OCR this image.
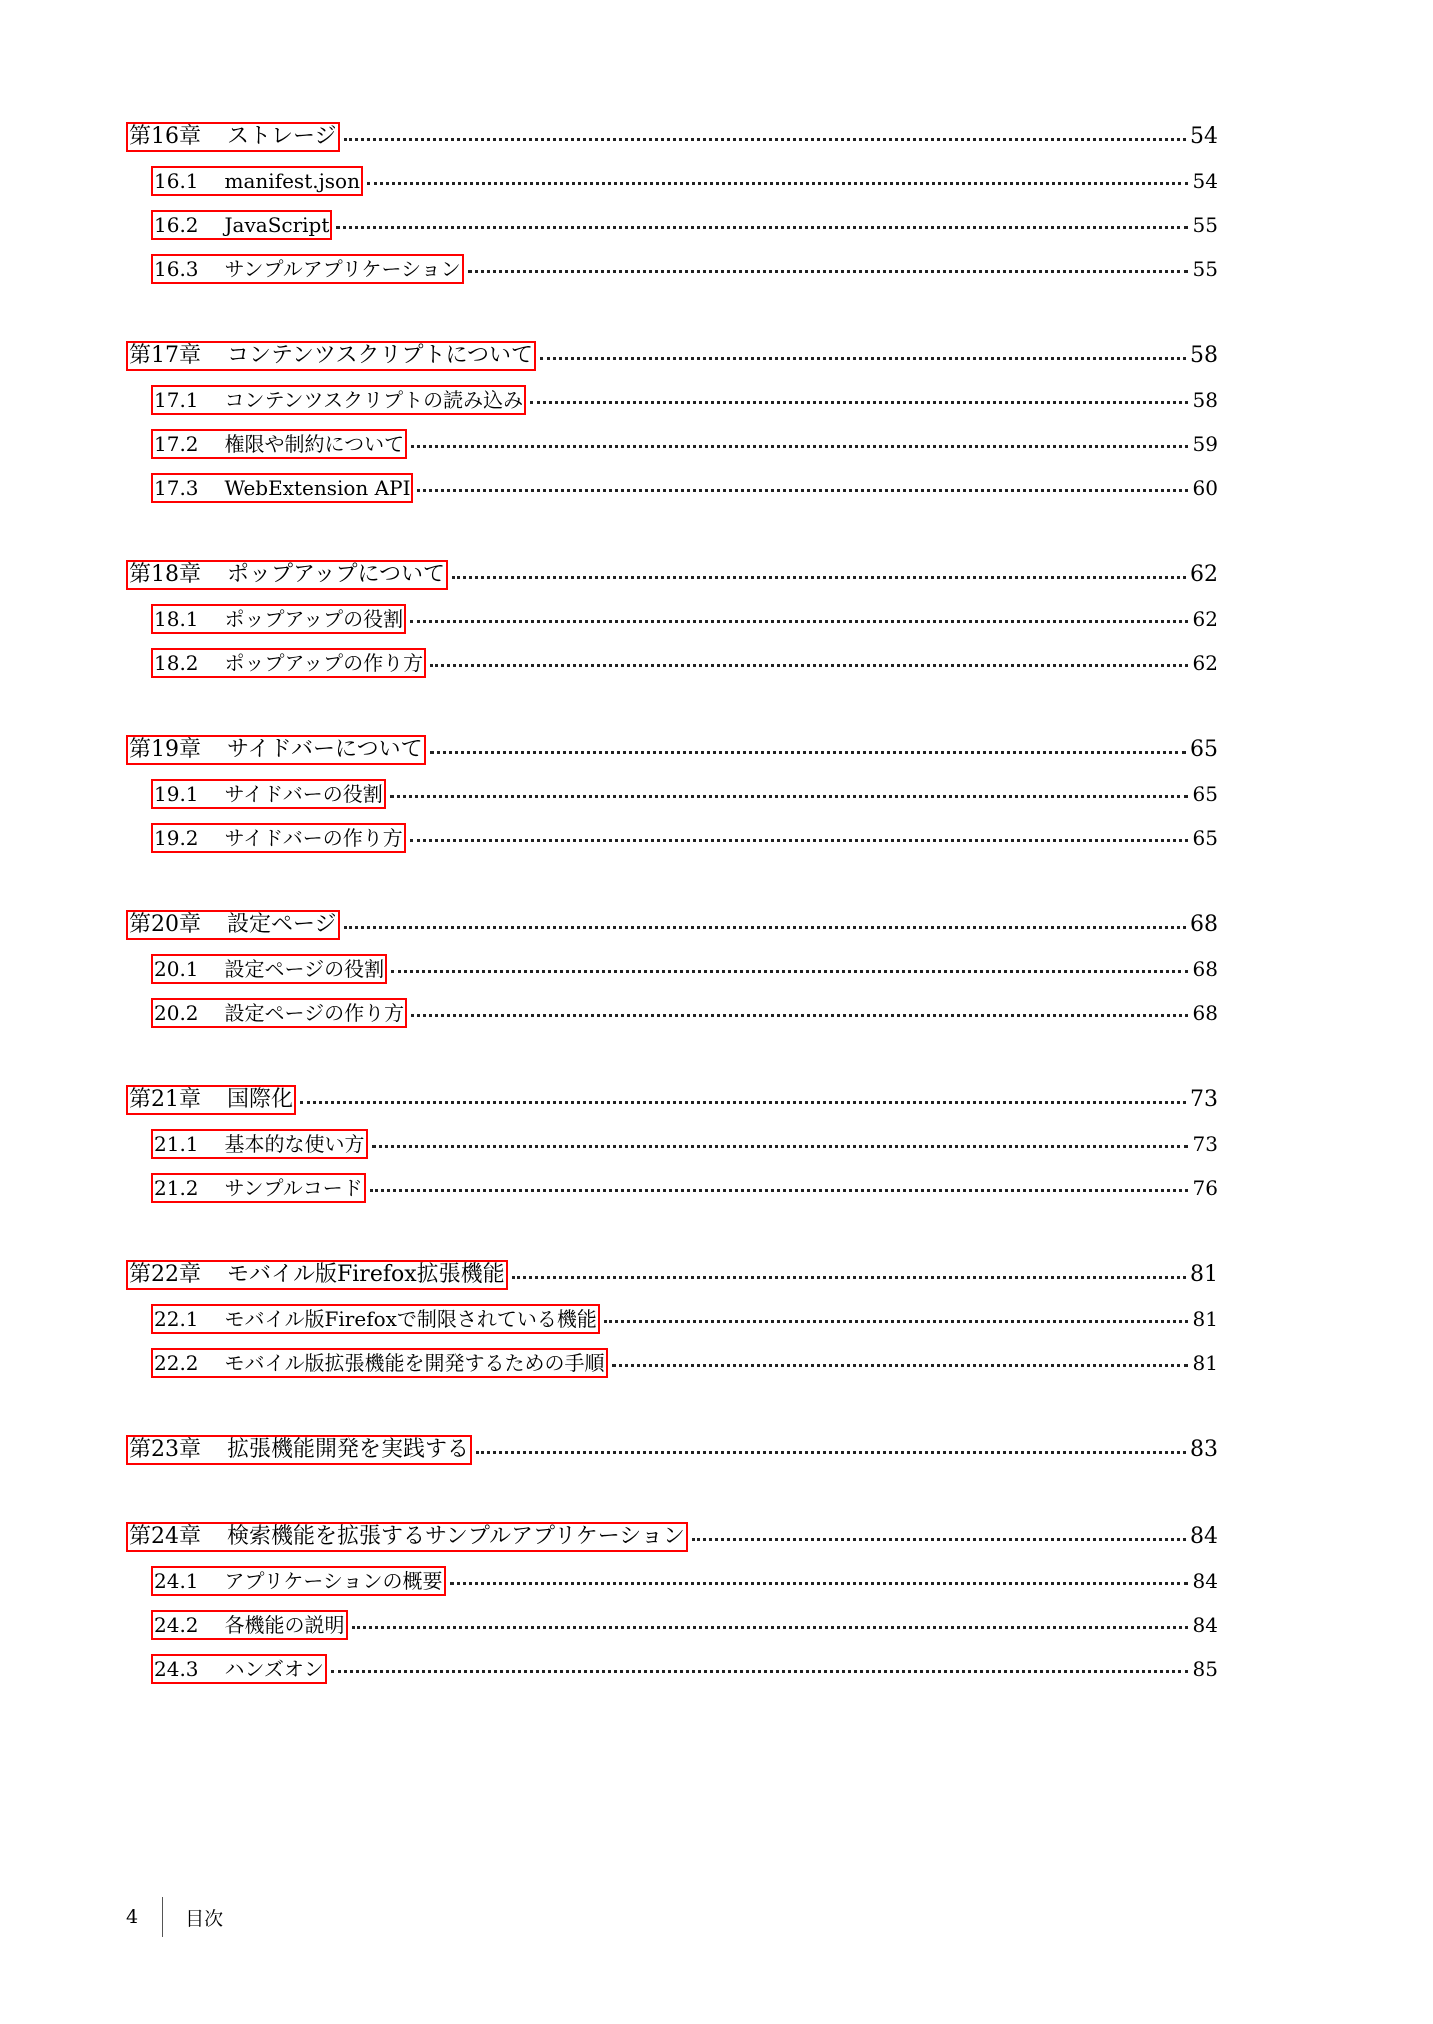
第16章 ストレージ	54
16.1 manifest.json	54
16.2 JavaScript	55
16.3 サンプルアプリケーション	55
第17章 コンテンツスクリプトについて	58
17.1 コンテンツスクリプトの読み込み	58
17.2 権限や制約について	59
17.3 WebExtension API	60
第18章 ポップアップについて	62
18.1 ポップアップの役割	62
18.2 ポップアップの作り方	62
第19章 サイドバーについて	65
19.1 サイドバーの役割	65
19.2 サイドバーの作り方	65
第20章 設定ページ	68
20.1 設定ページの役割	68
20.2 設定ページの作り方	68
第21章 国際化	73
21.1 基本的な使い方	73
21.2 サンプルコード	76
第22章 モバイル版Firefox拡張機能	81
22.1 モバイル版Firefoxで制限されている機能	81
22.2 モバイル版拡張機能を開発するための手順	81
第23章 拡張機能開発を実践する	83
第24章 検索機能を拡張するサンプルアプリケーション	84
24.1 アプリケーションの概要	84
24.2 各機能の説明	84
24.3 ハンズオン	85
4 目次
